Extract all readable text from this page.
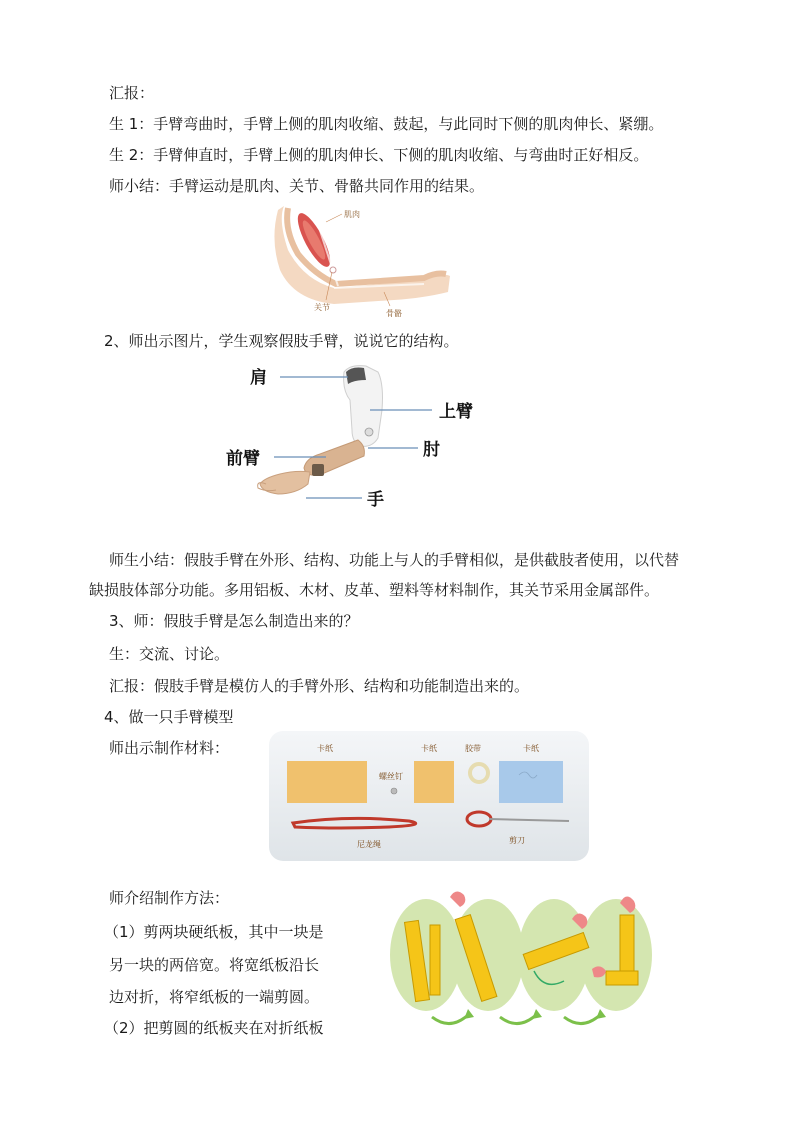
汇报：
生 1：手臂弯曲时，手臂上侧的肌肉收缩、鼓起，与此同时下侧的肌肉伸长、紧绷。
生 2：手臂伸直时，手臂上侧的肌肉伸长、下侧的肌肉收缩、与弯曲时正好相反。
师小结：手臂运动是肌肉、关节、骨骼共同作用的结果。
肌肉
关节
骨骼
2、师出示图片，学生观察假肢手臂，说说它的结构。
肩
上臂
肘
前臂
手
师生小结：假肢手臂在外形、结构、功能上与人的手臂相似，是供截肢者使用，以代替
缺损肢体部分功能。多用铝板、木材、皮革、塑料等材料制作，其关节采用金属部件。
3、师：假肢手臂是怎么制造出来的？
生：交流、讨论。
汇报：假肢手臂是模仿人的手臂外形、结构和功能制造出来的。
4、做一只手臂模型
师出示制作材料：	卡纸	卡纸
螺丝钉
胶带	卡纸
尼龙绳	剪刀
师介绍制作方法：
（1）剪两块硬纸板，其中一块是
另一块的两倍宽。将宽纸板沿长
边对折，将窄纸板的一端剪圆。
（2）把剪圆的纸板夹在对折纸板
